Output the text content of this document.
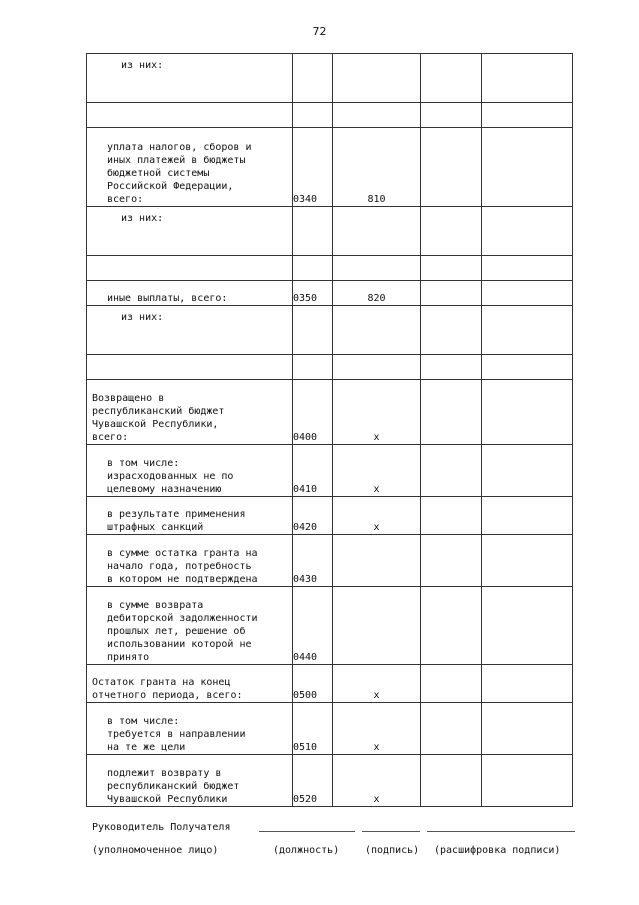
72
из них:				

уплата налогов, сборов и
иных платежей в бюджеты
бюджетной системы
Российской Федерации,
всего:	0340	810		
из них:				

иные выплаты, всего:	0350	820		
из них:				

Возвращено в
республиканский бюджет
Чувашской Республики,
всего:	0400	х		
в том числе:
израсходованных не по
целевому назначению	0410	х		
в результате применения
штрафных санкций	0420	х		
в сумме остатка гранта на
начало года, потребность
в котором не подтверждена	0430			
в сумме возврата
дебиторской задолженности
прошлых лет, решение об
использовании которой не
принято	0440			
Остаток гранта на конец
отчетного периода, всего:	0500	х		
в том числе:
требуется в направлении
на те же цели	0510	х		
подлежит возврату в
республиканский бюджет
Чувашской Республики	0520	х		
Руководитель Получателя
(уполномоченное лицо)	(должность)	(подпись) (расшифровка подписи)
